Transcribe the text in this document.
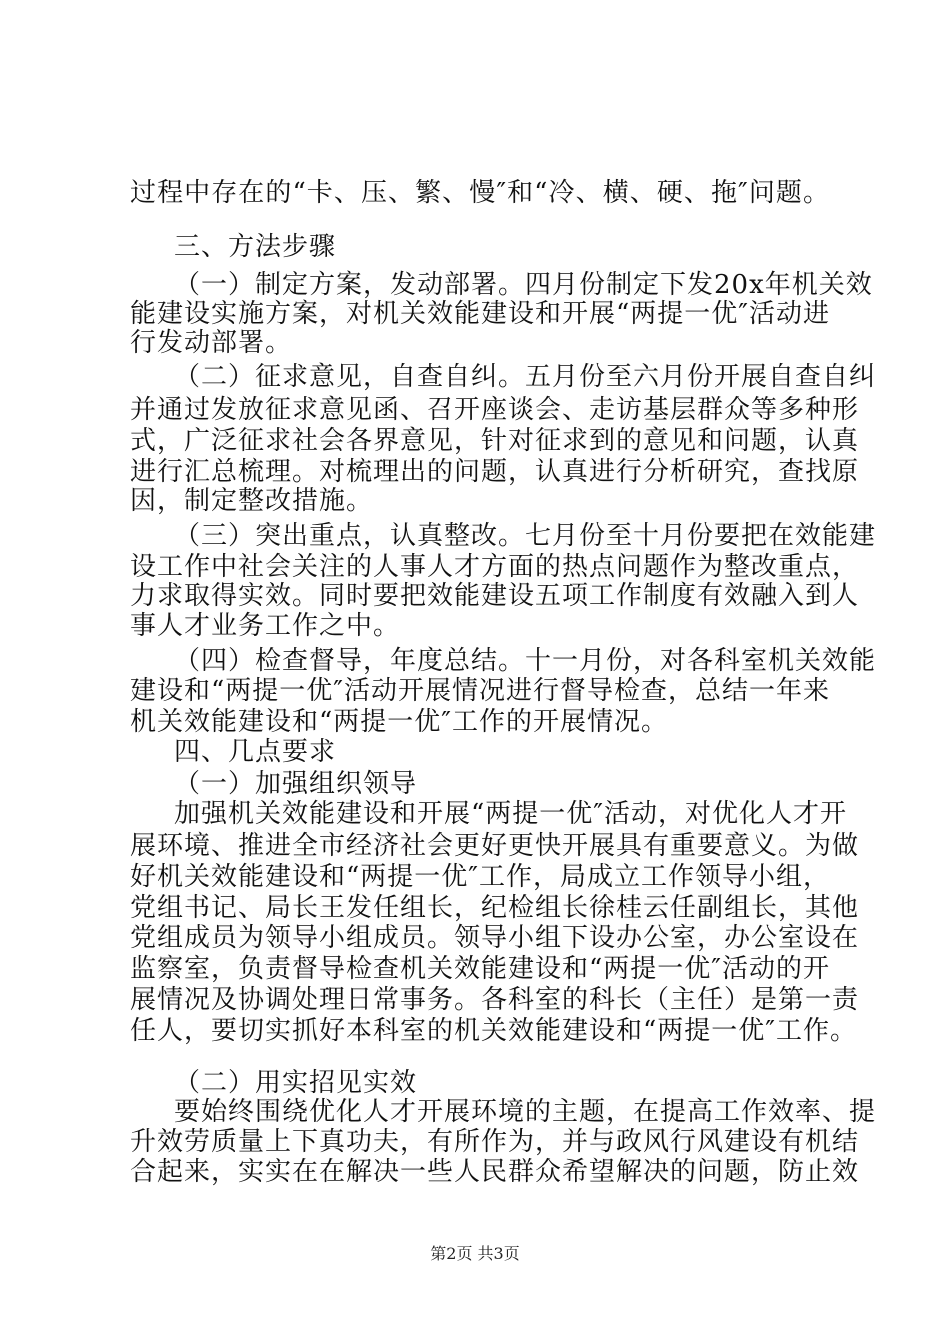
过程中存在的“卡、压、繁、慢″和“冷、横、硬、拖″问题。
三、方法步骤
（一）制定方案，发动部署。四月份制定下发20x年机关效
能建设实施方案，对机关效能建设和开展“两提一优″活动进
行发动部署。
（二）征求意见，自查自纠。五月份至六月份开展自查自纠
并通过发放征求意见函、召开座谈会、走访基层群众等多种形
式，广泛征求社会各界意见，针对征求到的意见和问题，认真
进行汇总梳理。对梳理出的问题，认真进行分析研究，查找原
因，制定整改措施。
（三）突出重点，认真整改。七月份至十月份要把在效能建
设工作中社会关注的人事人才方面的热点问题作为整改重点，
力求取得实效。同时要把效能建设五项工作制度有效融入到人
事人才业务工作之中。
（四）检查督导，年度总结。十一月份，对各科室机关效能
建设和“两提一优″活动开展情况进行督导检查，总结一年来
机关效能建设和“两提一优″工作的开展情况。
四、几点要求
（一）加强组织领导
加强机关效能建设和开展“两提一优″活动，对优化人才开
展环境、推进全市经济社会更好更快开展具有重要意义。为做
好机关效能建设和“两提一优″工作，局成立工作领导小组，
党组书记、局长王发任组长，纪检组长徐桂云任副组长，其他
党组成员为领导小组成员。领导小组下设办公室，办公室设在
监察室，负责督导检查机关效能建设和“两提一优″活动的开
展情况及协调处理日常事务。各科室的科长（主任）是第一责
任人，要切实抓好本科室的机关效能建设和“两提一优″工作。
（二）用实招见实效
要始终围绕优化人才开展环境的主题，在提高工作效率、提
升效劳质量上下真功夫，有所作为，并与政风行风建设有机结
合起来，实实在在解决一些人民群众希望解决的问题，防止效
第2页 共3页
